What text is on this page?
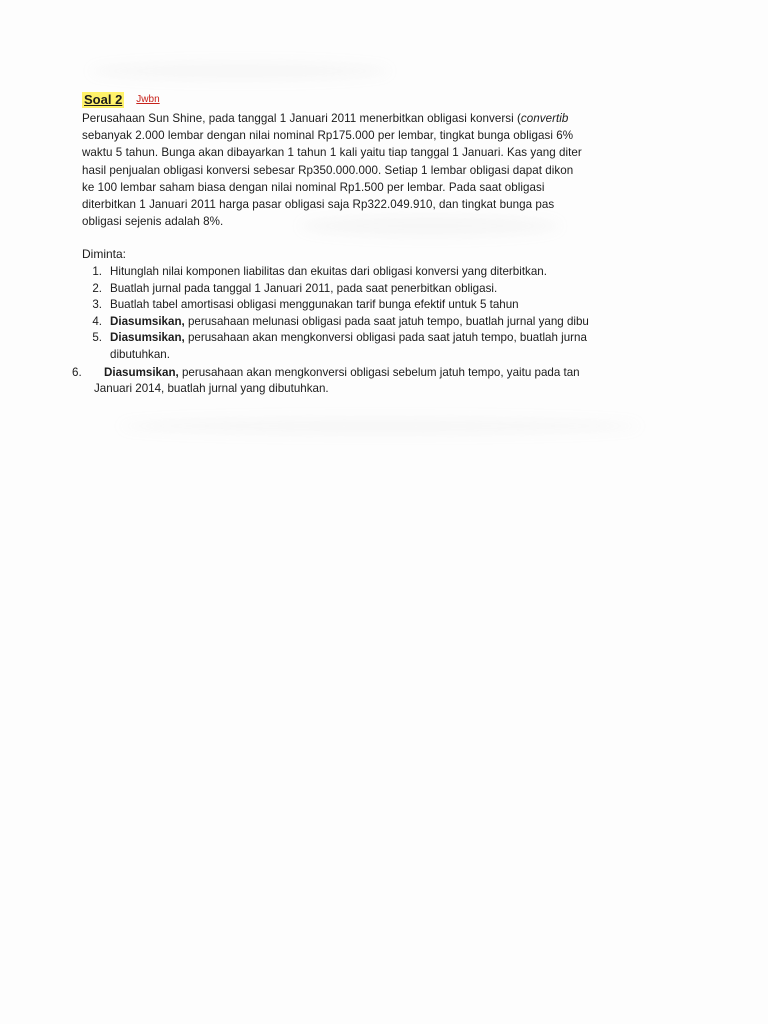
Soal 2 Jwbn
Perusahaan Sun Shine, pada tanggal 1 Januari 2011 menerbitkan obligasi konversi (convertib
sebanyak 2.000 lembar dengan nilai nominal Rp175.000 per lembar, tingkat bunga obligasi 6%
waktu 5 tahun. Bunga akan dibayarkan 1 tahun 1 kali yaitu tiap tanggal 1 Januari. Kas yang diter
hasil penjualan obligasi konversi sebesar Rp350.000.000. Setiap 1 lembar obligasi dapat dikon
ke 100 lembar saham biasa dengan nilai nominal Rp1.500 per lembar. Pada saat obligasi
diterbitkan 1 Januari 2011 harga pasar obligasi saja Rp322.049.910, dan tingkat bunga pas
obligasi sejenis adalah 8%.
Diminta:
1. Hitunglah nilai komponen liabilitas dan ekuitas dari obligasi konversi yang diterbitkan.
2. Buatlah jurnal pada tanggal 1 Januari 2011, pada saat penerbitkan obligasi.
3. Buatlah tabel amortisasi obligasi menggunakan tarif bunga efektif untuk 5 tahun
4. Diasumsikan, perusahaan melunasi obligasi pada saat jatuh tempo, buatlah jurnal yang dibu
5. Diasumsikan, perusahaan akan mengkonversi obligasi pada saat jatuh tempo, buatlah jurna
dibutuhkan.
6.	Diasumsikan, perusahaan akan mengkonversi obligasi sebelum jatuh tempo, yaitu pada tan
Januari 2014, buatlah jurnal yang dibutuhkan.
